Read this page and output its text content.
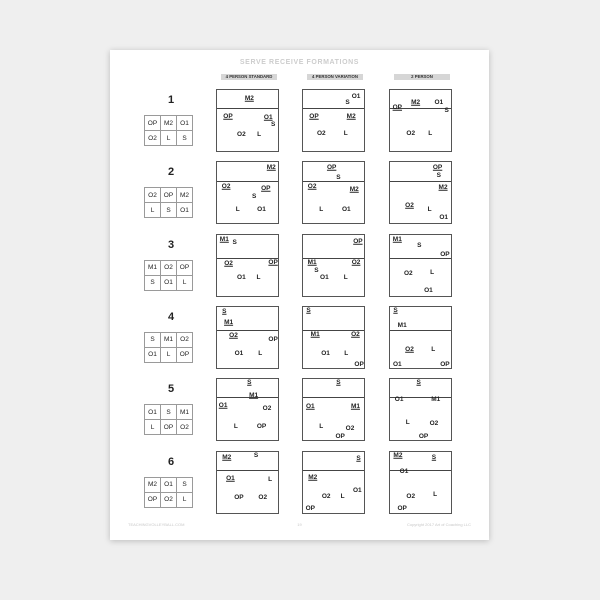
SERVE RECEIVE FORMATIONS
4 PERSON STANDARD	4 PERSON VARIATION	2 PERSON
1
OP	M2	O1
O2	L	S
M2
OP	O1
S
O2 L
O1
S
OP	M2
O2	L
OP
M2 O1
S
O2 L
2
O2	OP	M2
L	S	O1
M2
O2	OP
S
L	O1
OP
S
O2	M2
L	O1
OP
S
M2
O2
L
O1
3
M1	O2	OP
S	O1	L
M1 S
O2	OP
O1 L
OP
M1	O2
S
O1 L
M1
S
OP
O2	L
O1
4
S	M1	O2
O1	L	OP
S
M1
O2
OP
O1 L
S
M1	O2
O1 L
OP
S
M1
O2	L
O1	OP
5
O1	S	M1
L	OP	O2
S
M1
O1	O2
L	OP
S
O1	M1
L	O2
OP
S
O1	M1
L	O2
OP
6
M2	O1	S
OP	O2	L
M2	S
O1	L
OP O2
S
M2
O2 L
O1
OP
M2	S
O1
O2	L
OP
TEACHINGVOLLEYBALL.COM	19	Copyright 2017 Art of Coaching LLC
